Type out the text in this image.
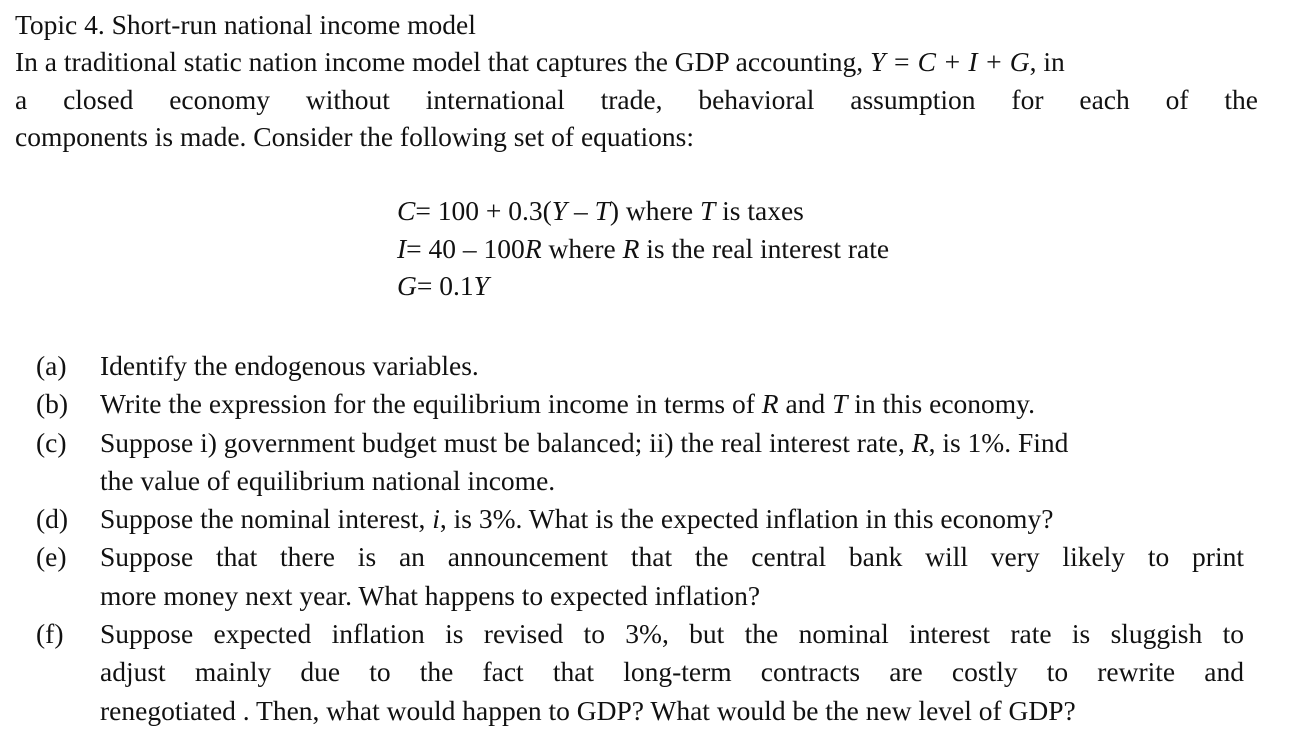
Topic 4. Short-run national income model

In a traditional static nation income model that captures the GDP accounting, Y = C + I + G, in
a closed economy without international trade, behavioral assumption for each of the
components is made. Consider the following set of equations:

C= 100 + 0.3(Y – T) where T is taxes
I= 40 – 100R where R is the real interest rate
G= 0.1Y
(a) Identify the endogenous variables.
(b) Write the expression for the equilibrium income in terms of R and T in this economy.
(c) Suppose i) government budget must be balanced; ii) the real interest rate, R, is 1%. Find
the value of equilibrium national income.
(d) Suppose the nominal interest, i, is 3%. What is the expected inflation in this economy?
(e) Suppose that there is an announcement that the central bank will very likely to print
more money next year. What happens to expected inflation?
(f) Suppose expected inflation is revised to 3%, but the nominal interest rate is sluggish to
adjust mainly due to the fact that long-term contracts are costly to rewrite and
renegotiated . Then, what would happen to GDP? What would be the new level of GDP?
